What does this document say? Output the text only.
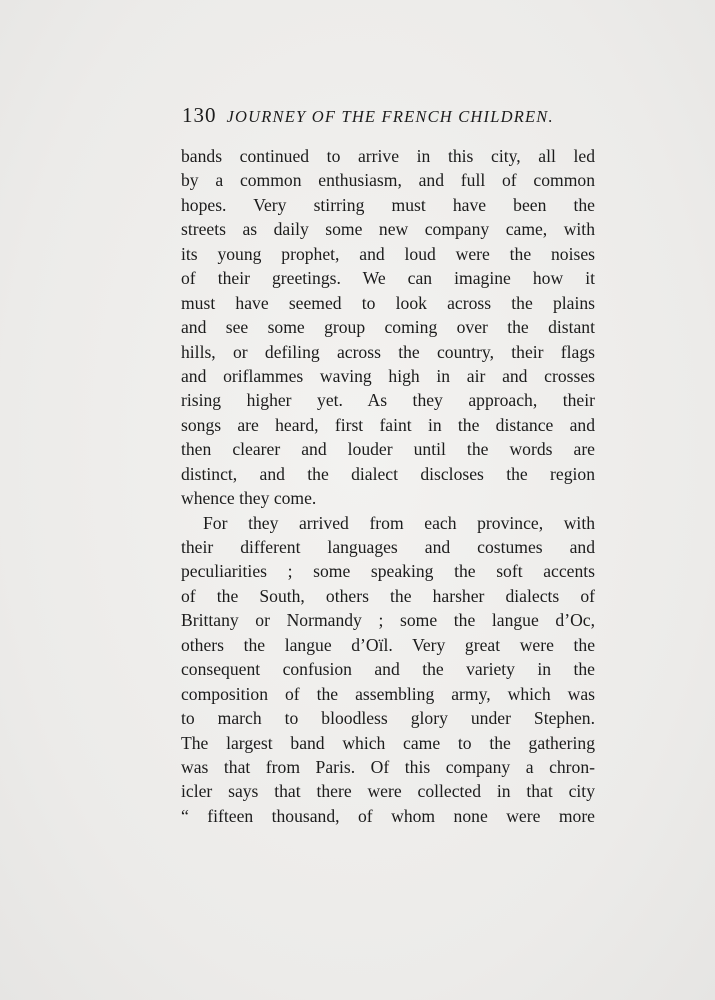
130 JOURNEY OF THE FRENCH CHILDREN.
bands continued to arrive in this city, all led
by a common enthusiasm, and full of common
hopes. Very stirring must have been the
streets as daily some new company came, with
its young prophet, and loud were the noises
of their greetings. We can imagine how it
must have seemed to look across the plains
and see some group coming over the distant
hills, or defiling across the country, their flags
and oriflammes waving high in air and crosses
rising higher yet. As they approach, their
songs are heard, first faint in the distance and
then clearer and louder until the words are
distinct, and the dialect discloses the region
whence they come.
For they arrived from each province, with
their different languages and costumes and
peculiarities ; some speaking the soft accents
of the South, others the harsher dialects of
Brittany or Normandy ; some the langue d’Oc,
others the langue d’Oïl. Very great were the
consequent confusion and the variety in the
composition of the assembling army, which was
to march to bloodless glory under Stephen.
The largest band which came to the gathering
was that from Paris. Of this company a chron-
icler says that there were collected in that city
“ fifteen thousand, of whom none were more
